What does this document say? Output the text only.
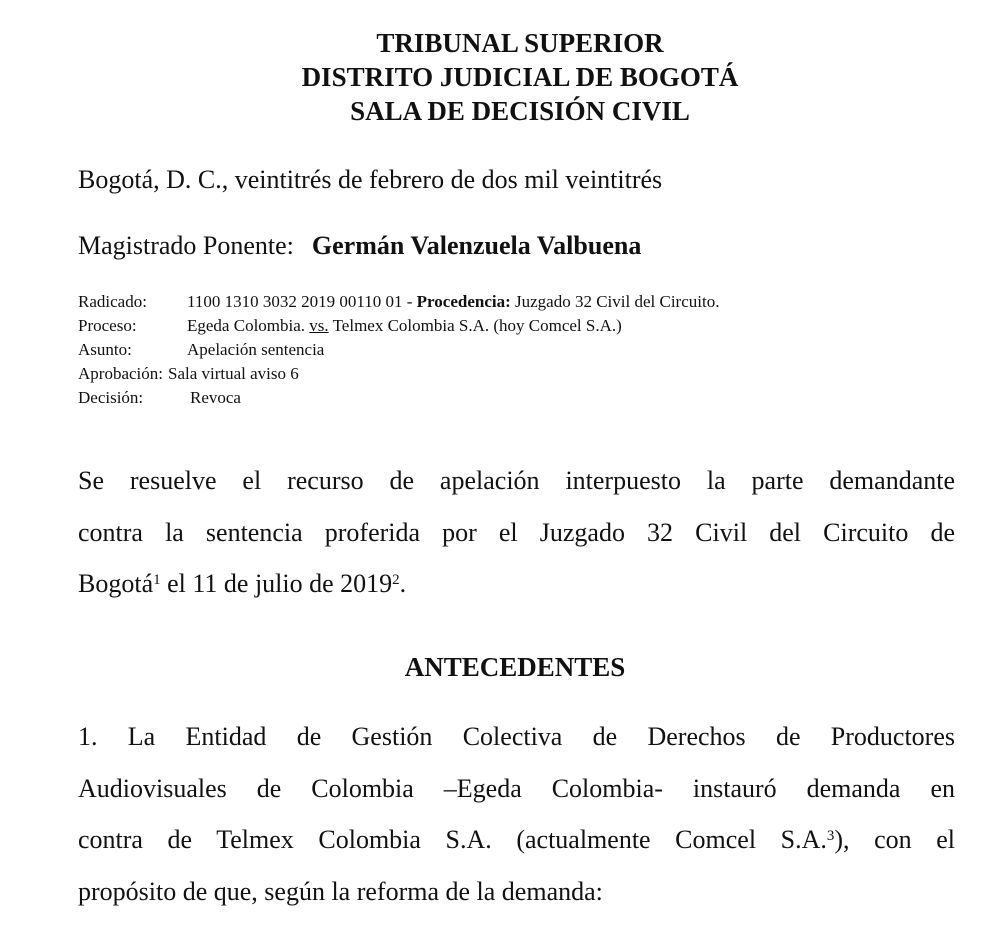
TRIBUNAL SUPERIOR
DISTRITO JUDICIAL DE BOGOTÁ
SALA DE DECISIÓN CIVIL
Bogotá, D. C., veintitrés de febrero de dos mil veintitrés
Magistrado Ponente: Germán Valenzuela Valbuena
Radicado:	1100 1310 3032 2019 00110 01 - Procedencia: Juzgado 32 Civil del Circuito.
Proceso:	Egeda Colombia. vs. Telmex Colombia S.A. (hoy Comcel S.A.)
Asunto:	Apelación sentencia
Aprobación: Sala virtual aviso 6
Decisión:	Revoca
Se resuelve el recurso de apelación interpuesto la parte demandante
contra la sentencia proferida por el Juzgado 32 Civil del Circuito de
Bogotá$^1$ el 11 de julio de 2019$^2$.
ANTECEDENTES
1. La Entidad de Gestión Colectiva de Derechos de Productores
Audiovisuales de Colombia –Egeda Colombia- instauró demanda en
contra de Telmex Colombia S.A. (actualmente Comcel S.A.$^3$), con el
propósito de que, según la reforma de la demanda:
